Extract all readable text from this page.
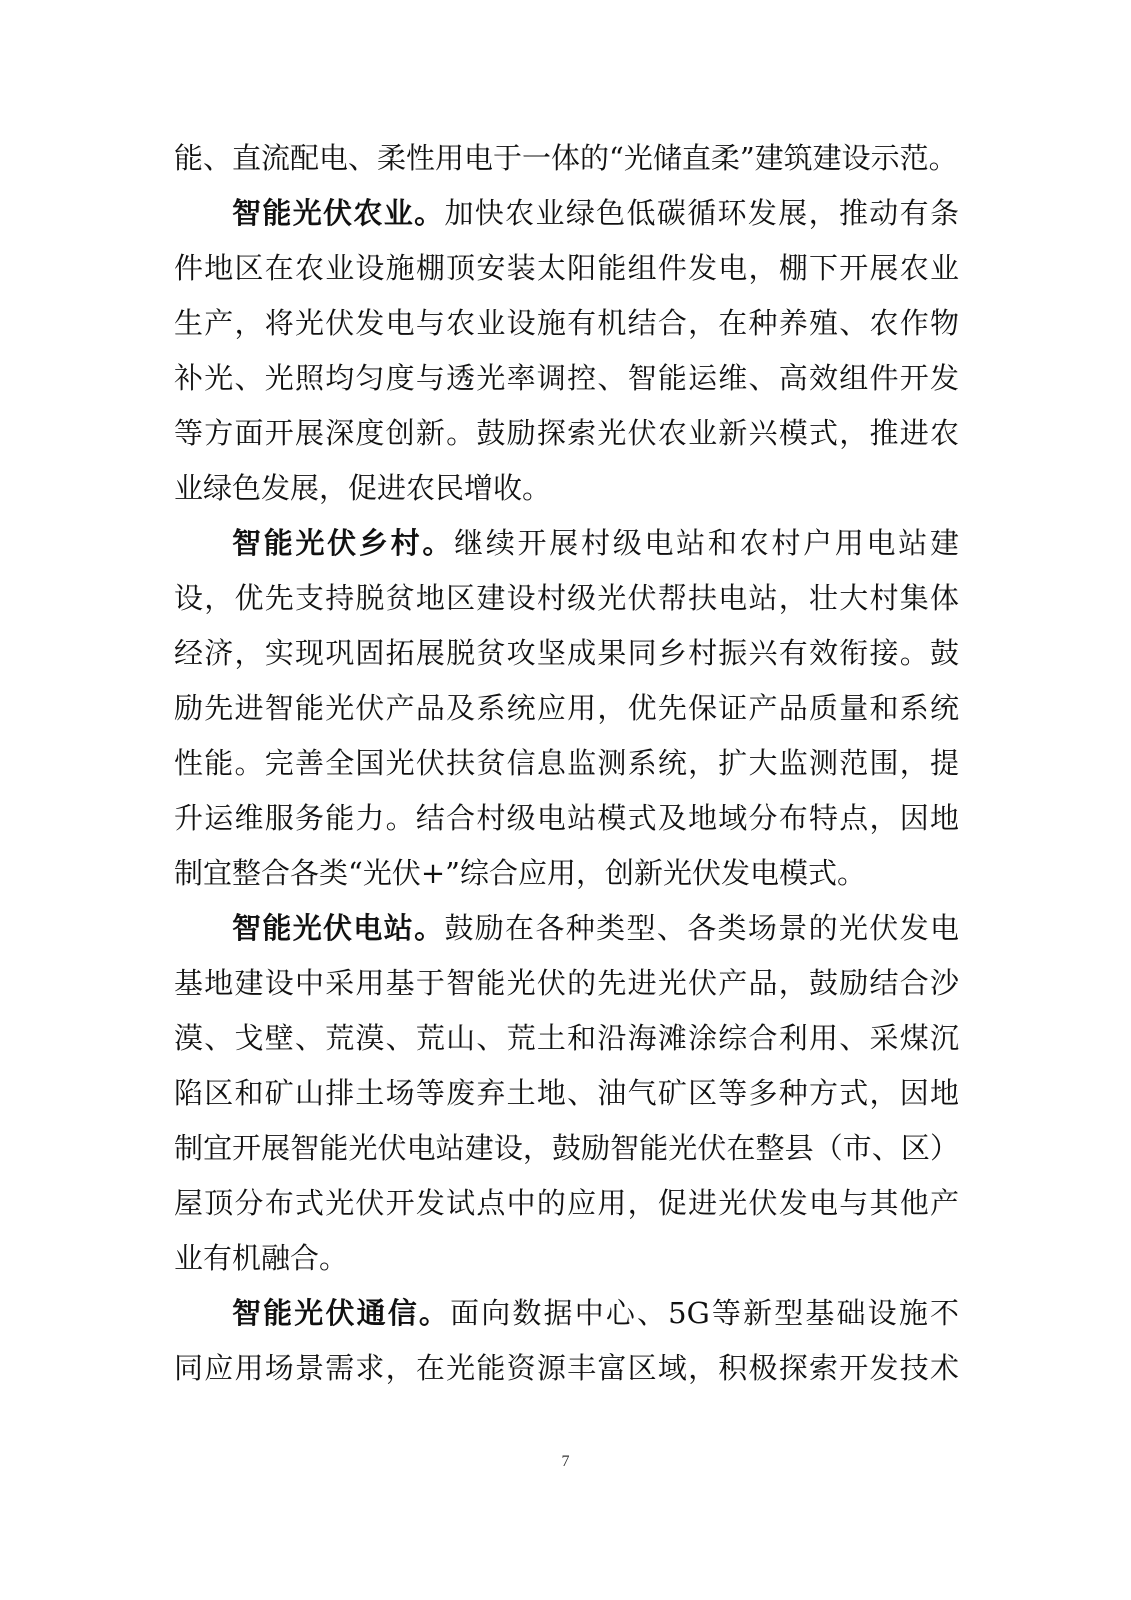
能、直流配电、柔性用电于一体的“光储直柔”建筑建设示范。
智能光伏农业。加快农业绿色低碳循环发展，推动有条
件地区在农业设施棚顶安装太阳能组件发电，棚下开展农业
生产，将光伏发电与农业设施有机结合，在种养殖、农作物
补光、光照均匀度与透光率调控、智能运维、高效组件开发
等方面开展深度创新。鼓励探索光伏农业新兴模式，推进农
业绿色发展，促进农民增收。
智能光伏乡村。继续开展村级电站和农村户用电站建
设，优先支持脱贫地区建设村级光伏帮扶电站，壮大村集体
经济，实现巩固拓展脱贫攻坚成果同乡村振兴有效衔接。鼓
励先进智能光伏产品及系统应用，优先保证产品质量和系统
性能。完善全国光伏扶贫信息监测系统，扩大监测范围，提
升运维服务能力。结合村级电站模式及地域分布特点，因地
制宜整合各类“光伏+”综合应用，创新光伏发电模式。
智能光伏电站。鼓励在各种类型、各类场景的光伏发电
基地建设中采用基于智能光伏的先进光伏产品，鼓励结合沙
漠、戈壁、荒漠、荒山、荒土和沿海滩涂综合利用、采煤沉
陷区和矿山排土场等废弃土地、油气矿区等多种方式，因地
制宜开展智能光伏电站建设，鼓励智能光伏在整县（市、区）
屋顶分布式光伏开发试点中的应用，促进光伏发电与其他产
业有机融合。
智能光伏通信。面向数据中心、5G等新型基础设施不
同应用场景需求，在光能资源丰富区域，积极探索开发技术
7
